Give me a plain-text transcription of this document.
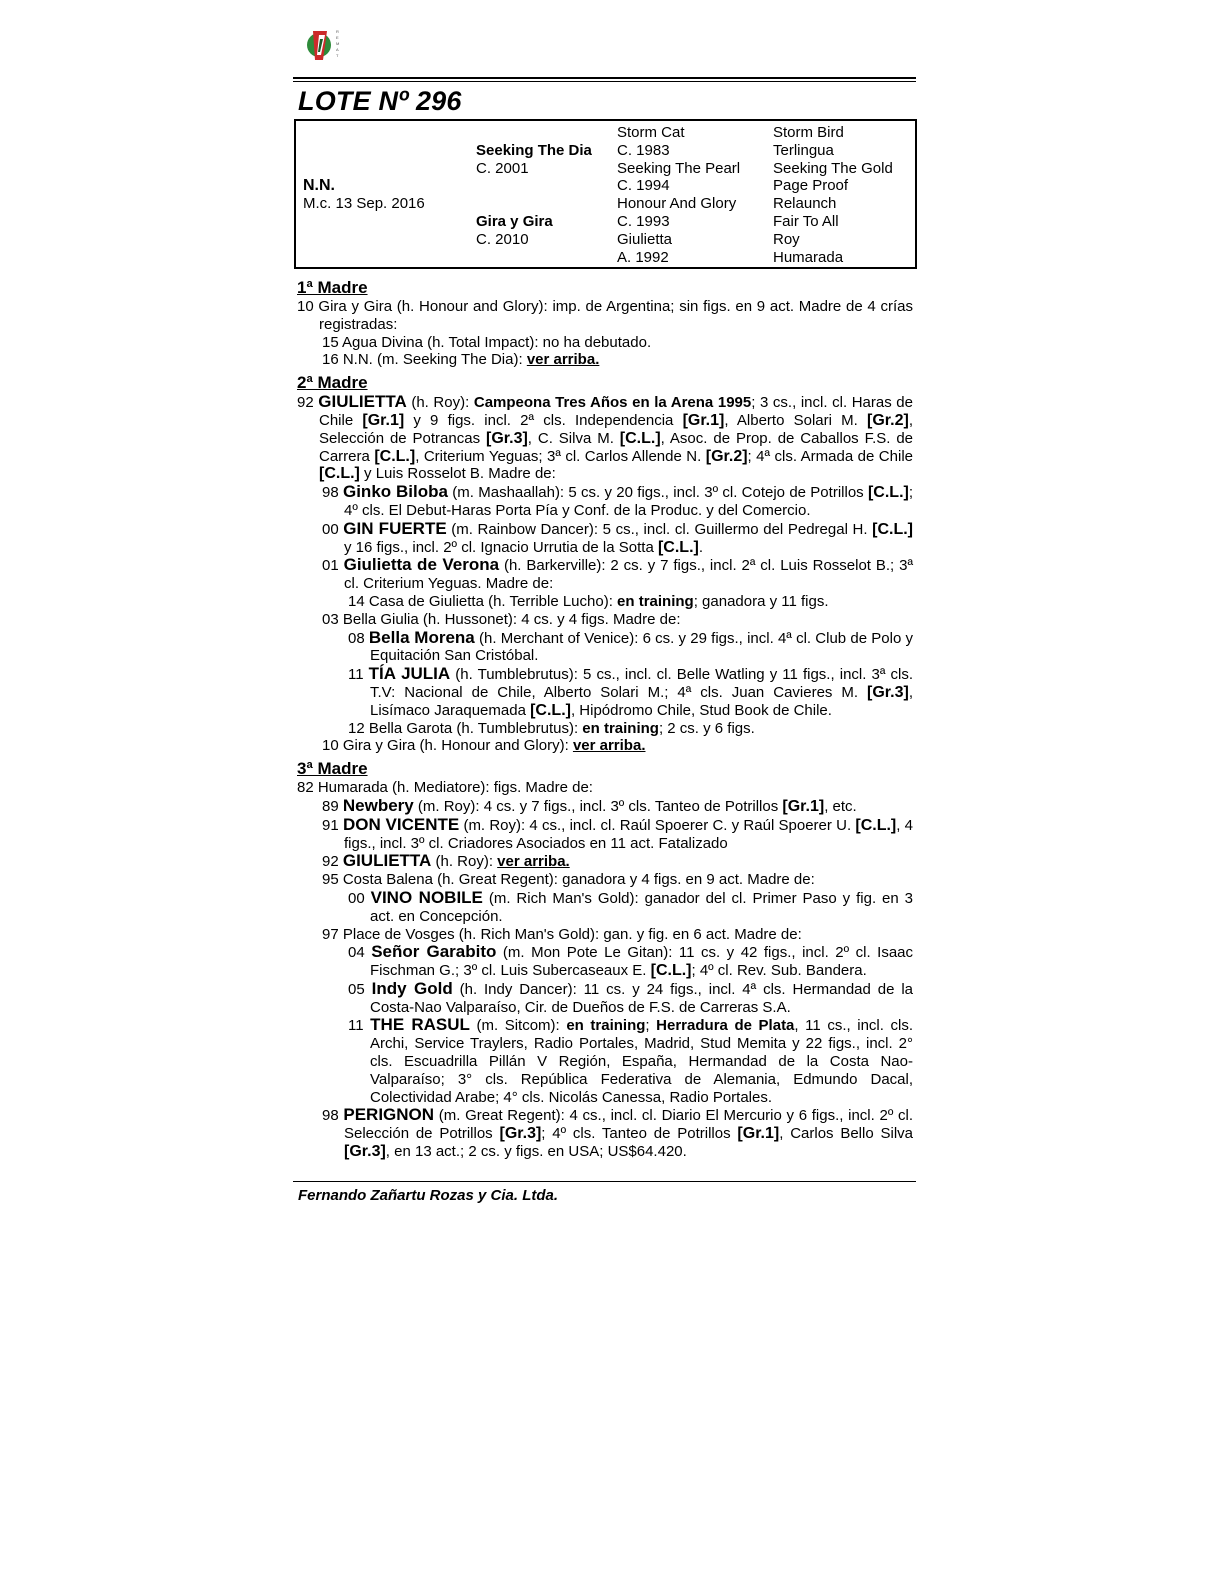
R
E
M
A
T
LOTE Nº 296
N.N.
M.c. 13 Sep. 2016
Seeking The Dia
C. 2001
Gira y Gira
C. 2010
Storm Cat
C. 1983
Seeking The Pearl
C. 1994
Honour And Glory
C. 1993
Giulietta
A. 1992
Storm Bird
Terlingua
Seeking The Gold
Page Proof
Relaunch
Fair To All
Roy
Humarada
1ª Madre
10 Gira y Gira (h. Honour and Glory): imp. de Argentina; sin figs. en 9 act. Madre de 4 crías registradas:
15 Agua Divina (h. Total Impact): no ha debutado.
16 N.N. (m. Seeking The Dia): ver arriba.
2ª Madre
92 GIULIETTA (h. Roy): Campeona Tres Años en la Arena 1995; 3 cs., incl. cl. Haras de Chile [Gr.1] y 9 figs. incl. 2ª cls. Independencia [Gr.1], Alberto Solari M. [Gr.2], Selección de Potrancas [Gr.3], C. Silva M. [C.L.], Asoc. de Prop. de Caballos F.S. de Carrera [C.L.], Criterium Yeguas; 3ª cl. Carlos Allende N. [Gr.2]; 4ª cls. Armada de Chile [C.L.] y Luis Rosselot B. Madre de:
98 Ginko Biloba (m. Mashaallah): 5 cs. y 20 figs., incl. 3º cl. Cotejo de Potrillos [C.L.]; 4º cls. El Debut-Haras Porta Pía y Conf. de la Produc. y del Comercio.
00 GIN FUERTE (m. Rainbow Dancer): 5 cs., incl. cl. Guillermo del Pedregal H. [C.L.] y 16 figs., incl. 2º cl. Ignacio Urrutia de la Sotta [C.L.].
01 Giulietta de Verona (h. Barkerville): 2 cs. y 7 figs., incl. 2ª cl. Luis Rosselot B.; 3ª cl. Criterium Yeguas. Madre de:
14 Casa de Giulietta (h. Terrible Lucho): en training; ganadora y 11 figs.
03 Bella Giulia (h. Hussonet): 4 cs. y 4 figs. Madre de:
08 Bella Morena (h. Merchant of Venice): 6 cs. y 29 figs., incl. 4ª cl. Club de Polo y Equitación San Cristóbal.
11 TÍA JULIA (h. Tumblebrutus): 5 cs., incl. cl. Belle Watling y 11 figs., incl. 3ª cls. T.V: Nacional de Chile, Alberto Solari M.; 4ª cls. Juan Cavieres M. [Gr.3], Lisímaco Jaraquemada [C.L.], Hipódromo Chile, Stud Book de Chile.
12 Bella Garota (h. Tumblebrutus): en training; 2 cs. y 6 figs.
10 Gira y Gira (h. Honour and Glory): ver arriba.
3ª Madre
82 Humarada (h. Mediatore): figs. Madre de:
89 Newbery (m. Roy): 4 cs. y 7 figs., incl. 3º cls. Tanteo de Potrillos [Gr.1], etc.
91 DON VICENTE (m. Roy): 4 cs., incl. cl. Raúl Spoerer C. y Raúl Spoerer U. [C.L.], 4 figs., incl. 3º cl. Criadores Asociados en 11 act. Fatalizado
92 GIULIETTA (h. Roy): ver arriba.
95 Costa Balena (h. Great Regent): ganadora y 4 figs. en 9 act. Madre de:
00 VINO NOBILE (m. Rich Man's Gold): ganador del cl. Primer Paso y fig. en 3 act. en Concepción.
97 Place de Vosges (h. Rich Man's Gold): gan. y fig. en 6 act. Madre de:
04 Señor Garabito (m. Mon Pote Le Gitan): 11 cs. y 42 figs., incl. 2º cl. Isaac Fischman G.; 3º cl. Luis Subercaseaux E. [C.L.]; 4º cl. Rev. Sub. Bandera.
05 Indy Gold (h. Indy Dancer): 11 cs. y 24 figs., incl. 4ª cls. Hermandad de la Costa-Nao Valparaíso, Cir. de Dueños de F.S. de Carreras S.A.
11 THE RASUL (m. Sitcom): en training; Herradura de Plata, 11 cs., incl. cls. Archi, Service Traylers, Radio Portales, Madrid, Stud Memita y 22 figs., incl. 2° cls. Escuadrilla Pillán V Región, España, Hermandad de la Costa Nao-Valparaíso; 3° cls. República Federativa de Alemania, Edmundo Dacal, Colectividad Arabe; 4° cls. Nicolás Canessa, Radio Portales.
98 PERIGNON (m. Great Regent): 4 cs., incl. cl. Diario El Mercurio y 6 figs., incl. 2º cl. Selección de Potrillos [Gr.3]; 4º cls. Tanteo de Potrillos [Gr.1], Carlos Bello Silva [Gr.3], en 13 act.; 2 cs. y figs. en USA; US$64.420.
Fernando Zañartu Rozas y Cia. Ltda.
